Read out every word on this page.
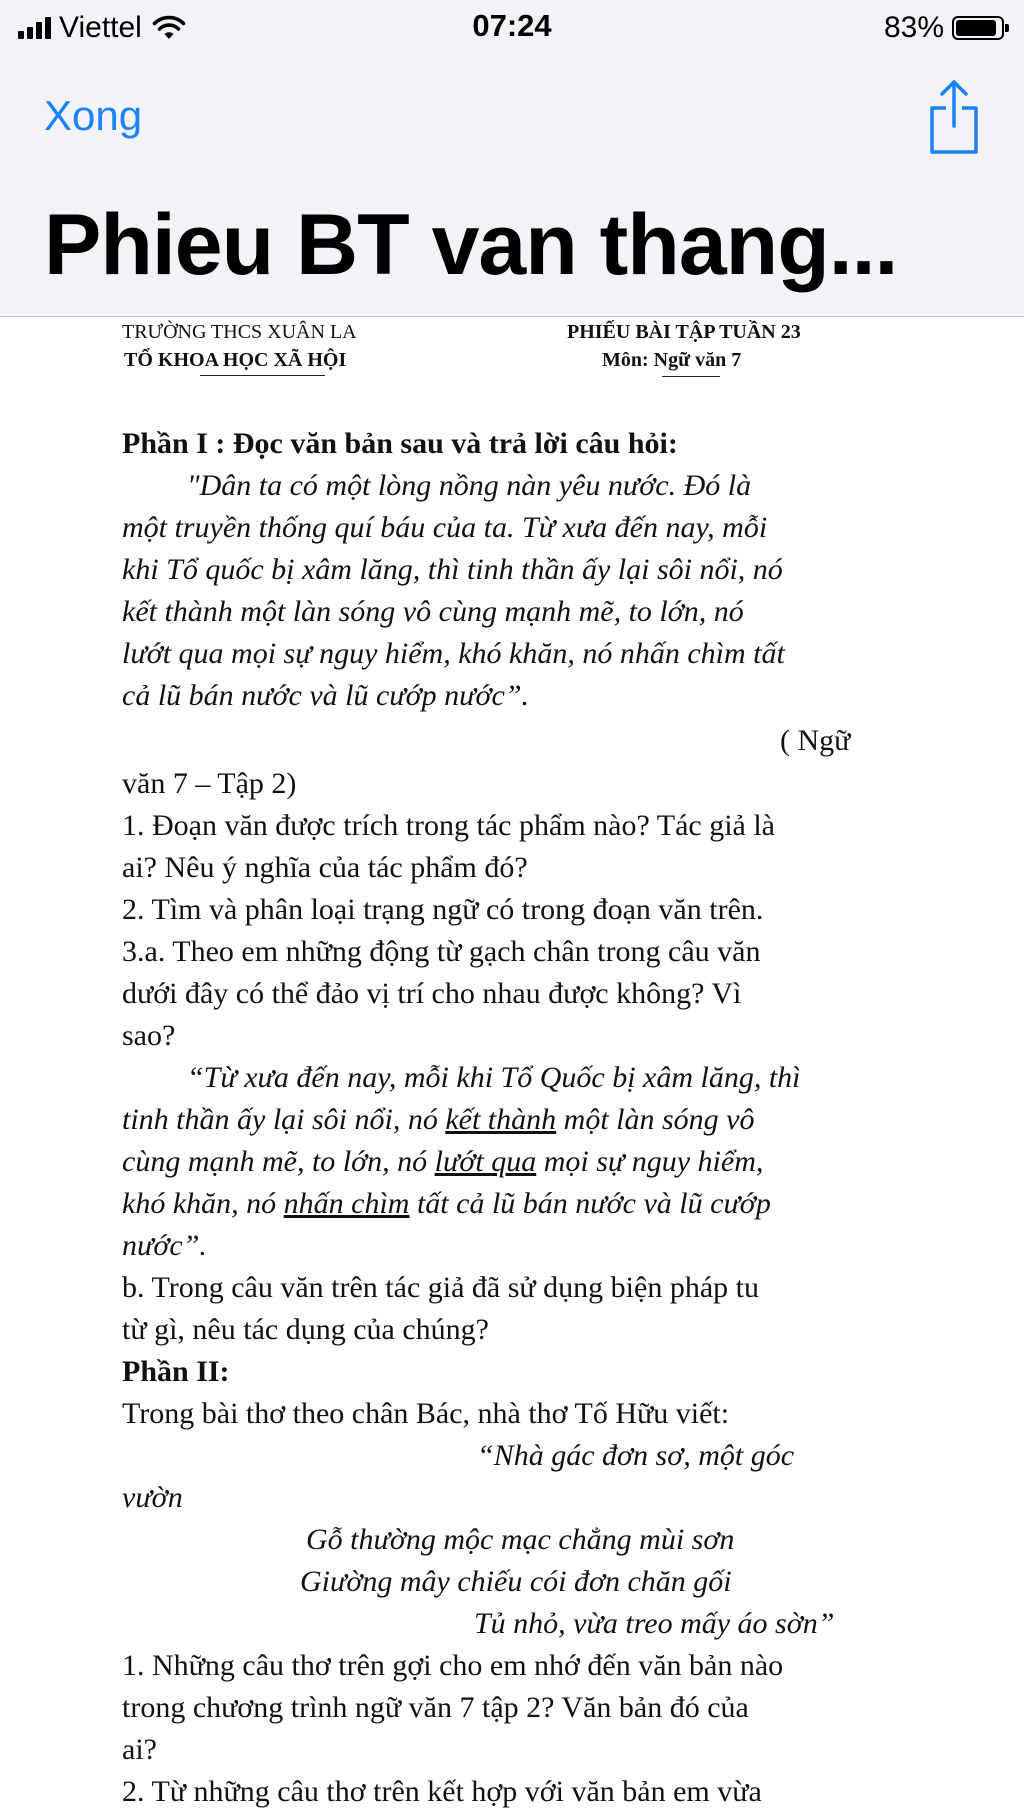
Viettel	07:24	83%
Xong
Phieu BT van thang...
TRƯỜNG THCS XUÂN LA
TỔ KHOA HỌC XÃ HỘI
PHIẾU BÀI TẬP TUẦN 23
Môn: Ngữ văn 7
Phần I : Đọc văn bản sau và trả lời câu hỏi:
"Dân ta có một lòng nồng nàn yêu nước. Đó là
một truyền thống quí báu của ta. Từ xưa đến nay, mỗi
khi Tổ quốc bị xâm lăng, thì tinh thần ấy lại sôi nổi, nó
kết thành một làn sóng vô cùng mạnh mẽ, to lớn, nó
lướt qua mọi sự nguy hiểm, khó khăn, nó nhấn chìm tất
cả lũ bán nước và lũ cướp nước”.
( Ngữ
văn 7 – Tập 2)
1. Đoạn văn được trích trong tác phẩm nào? Tác giả là
ai? Nêu ý nghĩa của tác phẩm đó?
2. Tìm và phân loại trạng ngữ có trong đoạn văn trên.
3.a. Theo em những động từ gạch chân trong câu văn
dưới đây có thể đảo vị trí cho nhau được không? Vì
sao?
“Từ xưa đến nay, mỗi khi Tổ Quốc bị xâm lăng, thì
tinh thần ấy lại sôi nổi, nó kết thành một làn sóng vô
cùng mạnh mẽ, to lớn, nó lướt qua mọi sự nguy hiểm,
khó khăn, nó nhấn chìm tất cả lũ bán nước và lũ cướp
nước”.
b. Trong câu văn trên tác giả đã sử dụng biện pháp tu
từ gì, nêu tác dụng của chúng?
Phần II:
Trong bài thơ theo chân Bác, nhà thơ Tố Hữu viết:
“Nhà gác đơn sơ, một góc
vườn
Gỗ thường mộc mạc chẳng mùi sơn
Giường mây chiếu cói đơn chăn gối
Tủ nhỏ, vừa treo mấy áo sờn”
1. Những câu thơ trên gợi cho em nhớ đến văn bản nào
trong chương trình ngữ văn 7 tập 2? Văn bản đó của
ai?
2. Từ những câu thơ trên kết hợp với văn bản em vừa
